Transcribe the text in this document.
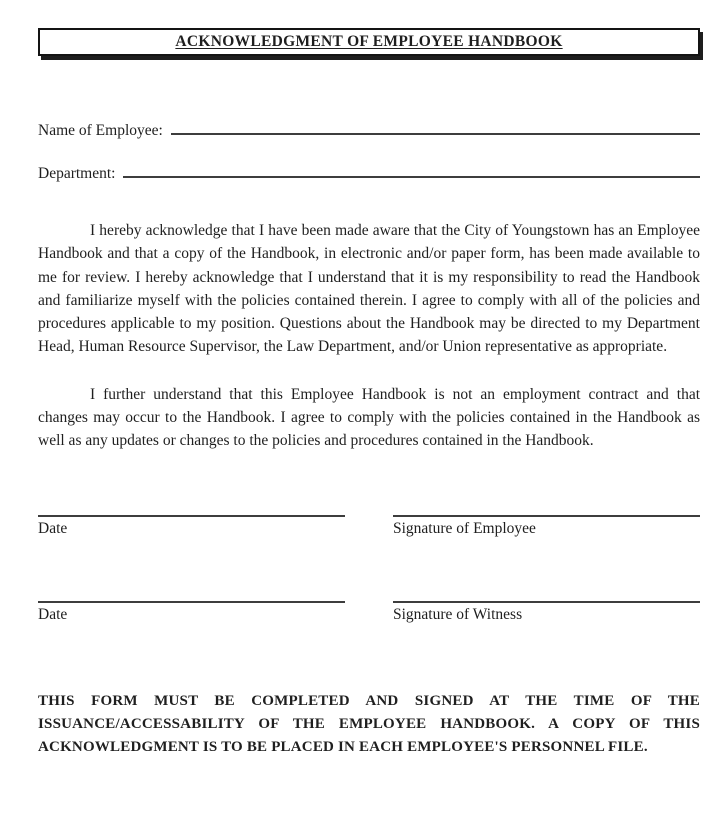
ACKNOWLEDGMENT OF EMPLOYEE HANDBOOK
Name of Employee:
Department:

I hereby acknowledge that I have been made aware that the City of Youngstown has an Employee Handbook and that a copy of the Handbook, in electronic and/or paper form, has been made available to me for review. I hereby acknowledge that I understand that it is my responsibility to read the Handbook and familiarize myself with the policies contained therein. I agree to comply with all of the policies and procedures applicable to my position. Questions about the Handbook may be directed to my Department Head, Human Resource Supervisor, the Law Department, and/or Union representative as appropriate.

I further understand that this Employee Handbook is not an employment contract and that changes may occur to the Handbook. I agree to comply with the policies contained in the Handbook as well as any updates or changes to the policies and procedures contained in the Handbook.

Date	Signature of Employee
Date	Signature of Witness
THIS FORM MUST BE COMPLETED AND SIGNED AT THE TIME OF THE ISSUANCE/ACCESSABILITY OF THE EMPLOYEE HANDBOOK. A COPY OF THIS ACKNOWLEDGMENT IS TO BE PLACED IN EACH EMPLOYEE'S PERSONNEL FILE.
